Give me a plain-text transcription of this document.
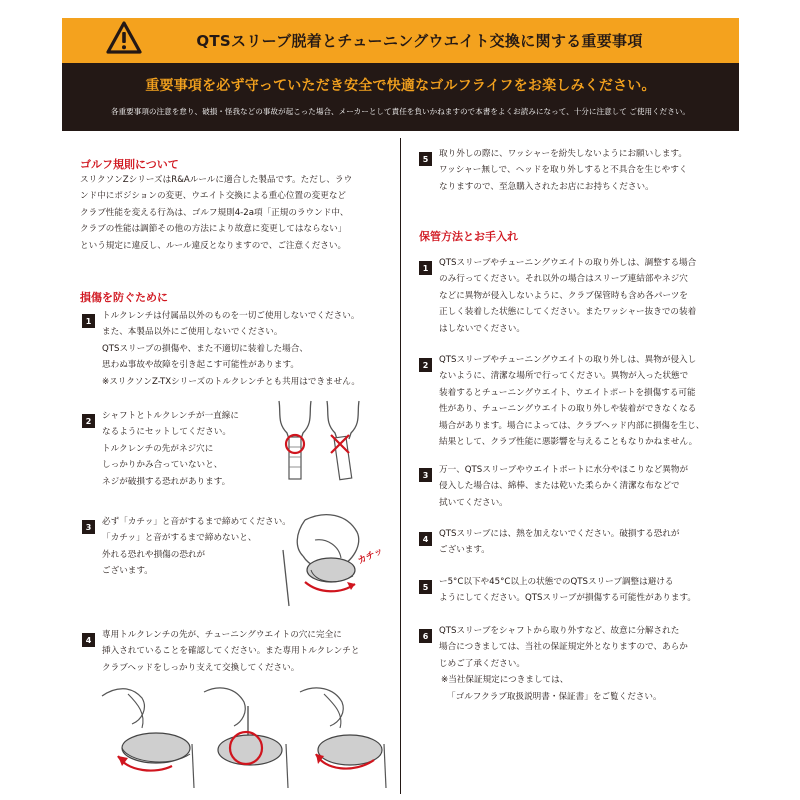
QTSスリーブ脱着とチューニングウエイト交換に関する重要事項
重要事項を必ず守っていただき安全で快適なゴルフライフをお楽しみください。
各重要事項の注意を怠り、破損・怪我などの事故が起こった場合、メーカーとして責任を負いかねますので本書をよくお読みになって、十分に注意して ご使用ください。
ゴルフ規則について
スリクソンZシリーズはR&Aルールに適合した製品です。ただし、ラウ
ンド中にポジションの変更、ウエイト交換による重心位置の変更など
クラブ性能を変える行為は、ゴルフ規則4-2a項「正規のラウンド中、
クラブの性能は調節その他の方法により故意に変更してはならない」
という規定に違反し、ルール違反となりますので、ご注意ください。
損傷を防ぐために
1	トルクレンチは付属品以外のものを一切ご使用しないでください。
また、本製品以外にご使用しないでください。
QTSスリーブの損傷や、また不適切に装着した場合、
思わぬ事故や故障を引き起こす可能性があります。
※スリクソンZ-TXシリーズのトルクレンチとも共用はできません。
2	シャフトとトルクレンチが一直線に
なるようにセットしてください。
トルクレンチの先がネジ穴に
しっかりかみ合っていないと、
ネジが破損する恐れがあります。
3	必ず「カチッ」と音がするまで締めてください。
「カチッ」と音がするまで締めないと、
外れる恐れや損傷の恐れが
ございます。
カチッ
4	専用トルクレンチの先が、チューニングウエイトの穴に完全に
挿入されていることを確認してください。また専用トルクレンチと
クラブヘッドをしっかり支えて交換してください。
5	取り外しの際に、ワッシャーを紛失しないようにお願いします。
ワッシャー無しで、ヘッドを取り外しすると不具合を生じやすく
なりますので、至急購入されたお店にお持ちください。
保管方法とお手入れ
1	QTSスリーブやチューニングウエイトの取り外しは、調整する場合
のみ行ってください。それ以外の場合はスリーブ連結部やネジ穴
などに異物が侵入しないように、クラブ保管時も含め各パーツを
正しく装着した状態にしてください。またワッシャー抜きでの装着
はしないでください。
2	QTSスリーブやチューニングウエイトの取り外しは、異物が侵入し
ないように、清潔な場所で行ってください。異物が入った状態で
装着するとチューニングウエイト、ウエイトポートを損傷する可能
性があり、チューニングウエイトの取り外しや装着ができなくなる
場合があります。場合によっては、クラブヘッド内部に損傷を生じ、
結果として、クラブ性能に悪影響を与えることもなりかねません。
3	万一、QTSスリーブやウエイトポートに水分やほこりなど異物が
侵入した場合は、綿棒、または乾いた柔らかく清潔な布などで
拭いてください。
4	QTSスリーブには、熱を加えないでください。破損する恐れが
ございます。
5	ー5°C以下や45°C以上の状態でのQTSスリーブ調整は避ける
ようにしてください。QTSスリーブが損傷する可能性があります。
6	QTSスリーブをシャフトから取り外すなど、故意に分解された
場合につきましては、当社の保証規定外となりますので、あらか
じめご了承ください。
※当社保証規定につきましては、
「ゴルフクラブ取扱説明書・保証書」をご覧ください。
